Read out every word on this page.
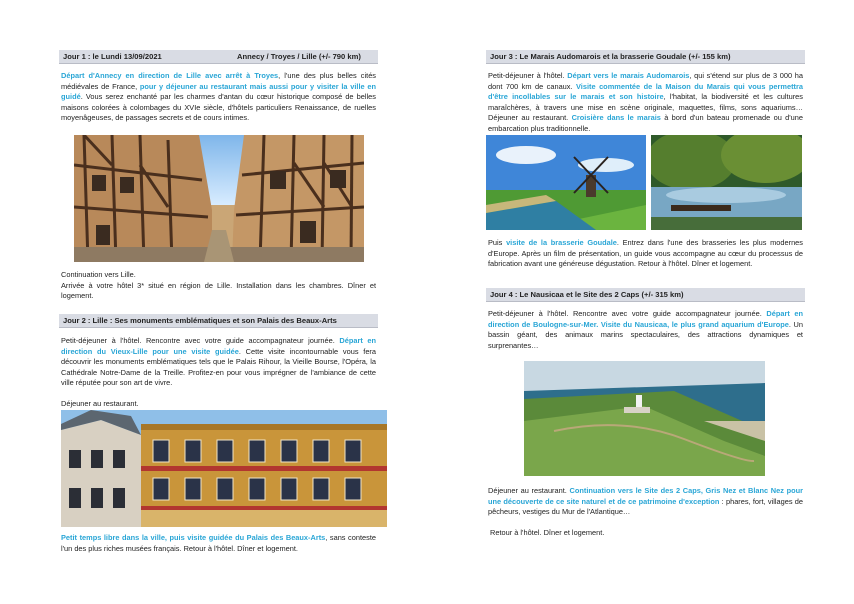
Jour 1 : le Lundi 13/09/2021	Annecy / Troyes / Lille (+/- 790 km)

Départ d'Annecy en direction de Lille avec arrêt à Troyes, l'une des plus belles cités médiévales de France, pour y déjeuner au restaurant mais aussi pour y visiter la ville en guidé. Vous serez enchanté par les charmes d'antan du cœur historique composé de belles maisons colorées à colombages du XVIe siècle, d'hôtels particuliers Renaissance, de ruelles moyenâgeuses, de passages secrets et de cours intimes.

Continuation vers Lille.
Arrivée à votre hôtel 3* situé en région de Lille. Installation dans les chambres. Dîner et logement.
Jour 2 : Lille : Ses monuments emblématiques et son Palais des Beaux-Arts

Petit-déjeuner à l'hôtel. Rencontre avec votre guide accompagnateur journée. Départ en direction du Vieux-Lille pour une visite guidée. Cette visite incontournable vous fera découvrir les monuments emblématiques tels que le Palais Rihour, la Vieille Bourse, l'Opéra, la Cathédrale Notre-Dame de la Treille. Profitez-en pour vous imprégner de l'ambiance de cette ville réputée pour son art de vivre.

Déjeuner au restaurant.

Petit temps libre dans la ville, puis visite guidée du Palais des Beaux-Arts, sans conteste l'un des plus riches musées français. Retour à l'hôtel. Dîner et logement.

Jour 3 : Le Marais Audomarois et la brasserie Goudale (+/- 155 km)

Petit-déjeuner à l'hôtel. Départ vers le marais Audomarois, qui s'étend sur plus de 3 000 ha dont 700 km de canaux. Visite commentée de la Maison du Marais qui vous permettra d'être incollables sur le marais et son histoire, l'habitat, la biodiversité et les cultures maraîchères, à travers une mise en scène originale, maquettes, films, sons aquariums… Déjeuner au restaurant. Croisière dans le marais à bord d'un bateau promenade ou d'une embarcation plus traditionnelle.

Puis visite de la brasserie Goudale. Entrez dans l'une des brasseries les plus modernes d'Europe. Après un film de présentation, un guide vous accompagne au cœur du processus de fabrication avant une généreuse dégustation. Retour à l'hôtel. Dîner et logement.

Jour 4 : Le Nausicaa et le Site des 2 Caps (+/- 315 km)

Petit-déjeuner à l'hôtel. Rencontre avec votre guide accompagnateur journée. Départ en direction de Boulogne-sur-Mer. Visite du Nausicaa, le plus grand aquarium d'Europe. Un bassin géant, des animaux marins spectaculaires, des attractions dynamiques et surprenantes…

Déjeuner au restaurant. Continuation vers le Site des 2 Caps, Gris Nez et Blanc Nez pour une découverte de ce site naturel et de ce patrimoine d'exception : phares, fort, villages de pêcheurs, vestiges du Mur de l'Atlantique…

Retour à l'hôtel. Dîner et logement.
